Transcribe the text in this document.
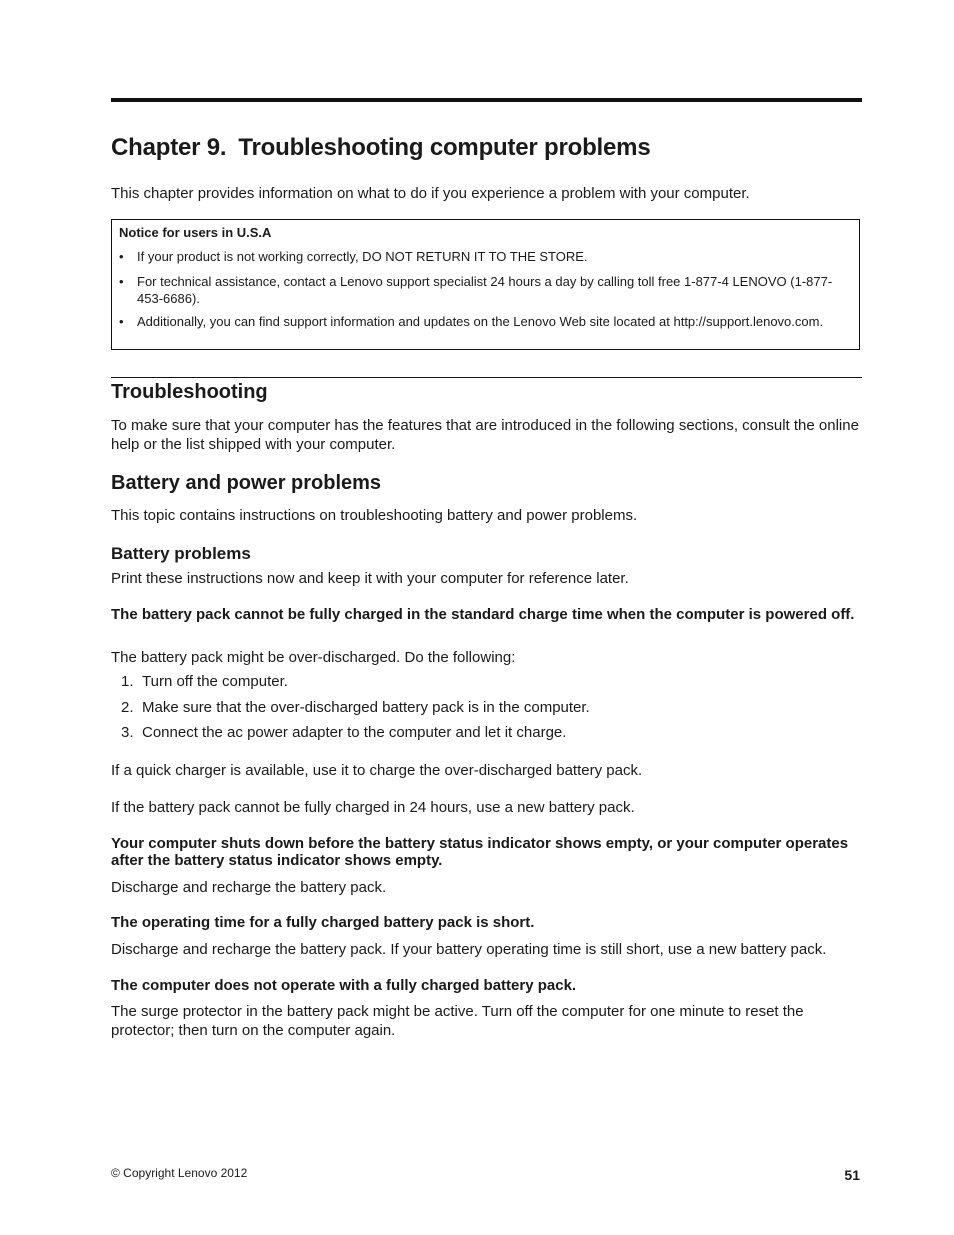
Chapter 9. Troubleshooting computer problems

This chapter provides information on what to do if you experience a problem with your computer.

Notice for users in U.S.A
• If your product is not working correctly, DO NOT RETURN IT TO THE STORE.
• For technical assistance, contact a Lenovo support specialist 24 hours a day by calling toll free 1-877-4 LENOVO (1-877-453-6686).
• Additionally, you can find support information and updates on the Lenovo Web site located at http://support.lenovo.com.
Troubleshooting

To make sure that your computer has the features that are introduced in the following sections, consult the online help or the list shipped with your computer.

Battery and power problems

This topic contains instructions on troubleshooting battery and power problems.

Battery problems

Print these instructions now and keep it with your computer for reference later.

The battery pack cannot be fully charged in the standard charge time when the computer is powered off.

The battery pack might be over-discharged. Do the following:

1. Turn off the computer.
2. Make sure that the over-discharged battery pack is in the computer.
3. Connect the ac power adapter to the computer and let it charge.

If a quick charger is available, use it to charge the over-discharged battery pack.

If the battery pack cannot be fully charged in 24 hours, use a new battery pack.

Your computer shuts down before the battery status indicator shows empty, or your computer operates after the battery status indicator shows empty.

Discharge and recharge the battery pack.

The operating time for a fully charged battery pack is short.

Discharge and recharge the battery pack. If your battery operating time is still short, use a new battery pack.

The computer does not operate with a fully charged battery pack.

The surge protector in the battery pack might be active. Turn off the computer for one minute to reset the protector; then turn on the computer again.

© Copyright Lenovo 2012	51
